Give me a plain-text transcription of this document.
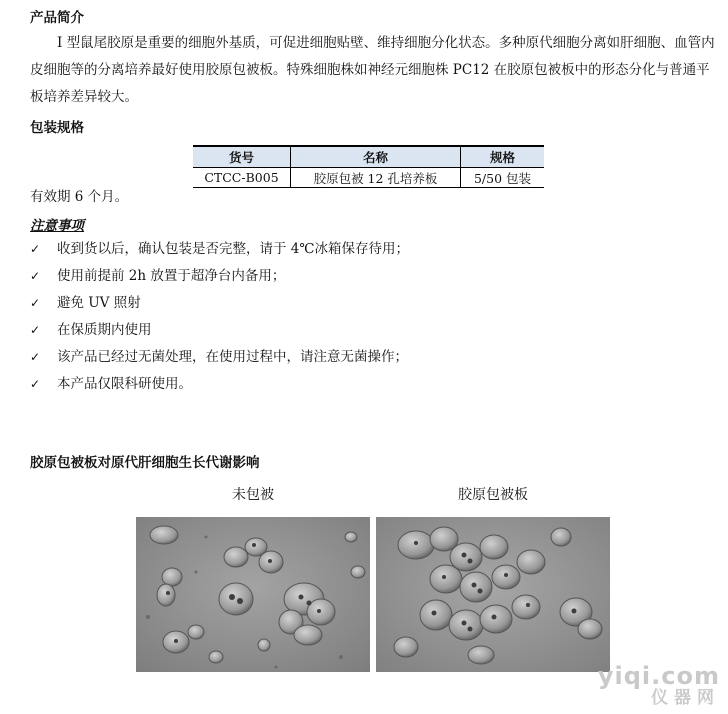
产品简介

I 型鼠尾胶原是重要的细胞外基质，可促进细胞贴壁、维持细胞分化状态。多种原代细胞分离如肝细胞、血管内皮细胞等的分离培养最好使用胶原包被板。特殊细胞株如神经元细胞株 PC12 在胶原包被板中的形态分化与普通平板培养差异较大。

包装规格
货号	名称	规格
CTCC-B005	胶原包被 12 孔培养板	5/50 包装
有效期 6 个月。
注意事项
✓ 收到货以后，确认包装是否完整，请于 4℃冰箱保存待用；
✓ 使用前提前 2h 放置于超净台内备用；
✓ 避免 UV 照射
✓ 在保质期内使用
✓ 该产品已经过无菌处理，在使用过程中，请注意无菌操作；
✓ 本产品仅限科研使用。
胶原包被板对原代肝细胞生长代谢影响
未包被	胶原包被板
yiqi.com
仪器网
